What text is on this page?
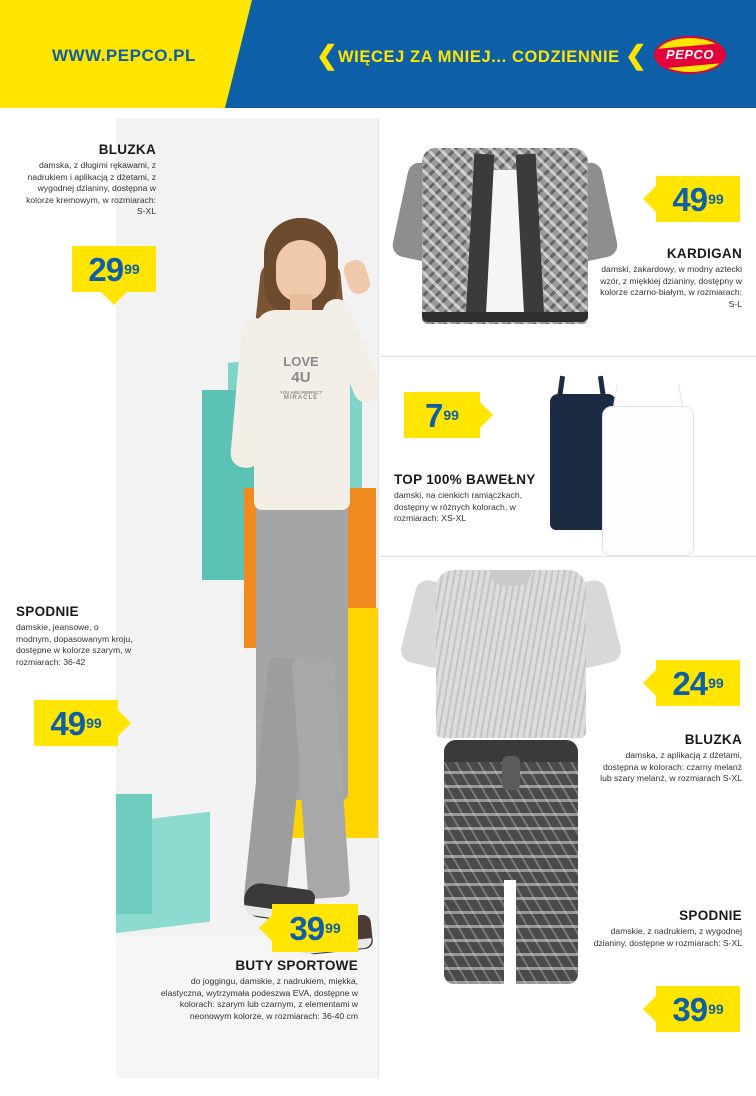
WWW.PEPCO.PL	❮ WIĘCEJ ZA MNIEJ... CODZIENNIE ❮	PEPCO
LOVE
4U
YOU ARE PERFECT
MIRACLE
BLUZKA
damska, z długimi rękawami, z nadrukiem i aplikacją z dżetami, z wygodnej dzianiny, dostępna w kolorze kremowym, w rozmiarach: S-XL
29 99
49 99
KARDIGAN
damski, żakardowy, w modny aztecki wzór, z miękkiej dzianiny, dostępny w kolorze czarno-białym, w rozmiarach: S-L
7 99
TOP 100% BAWEŁNY
damski, na cienkich ramiączkach, dostępny w różnych kolorach, w rozmiarach: XS-XL
SPODNIE
damskie, jeansowe, o modnym, dopasowanym kroju, dostępne w kolorze szarym, w rozmiarach: 36-42
49 99
24 99
BLUZKA
damska, z aplikacją z dżetami, dostępna w kolorach: czarny melanż lub szary melanż, w rozmiarach S-XL
39 99
BUTY SPORTOWE
do joggingu, damskie, z nadrukiem, miękka, elastyczna, wytrzymała podeszwa EVA, dostępne w kolorach: szarym lub czarnym, z elementami w neonowym kolorze, w rozmiarach: 36-40 cm
SPODNIE
damskie, z nadrukiem, z wygodnej dzianiny, dostępne w rozmiarach: S-XL
39 99
